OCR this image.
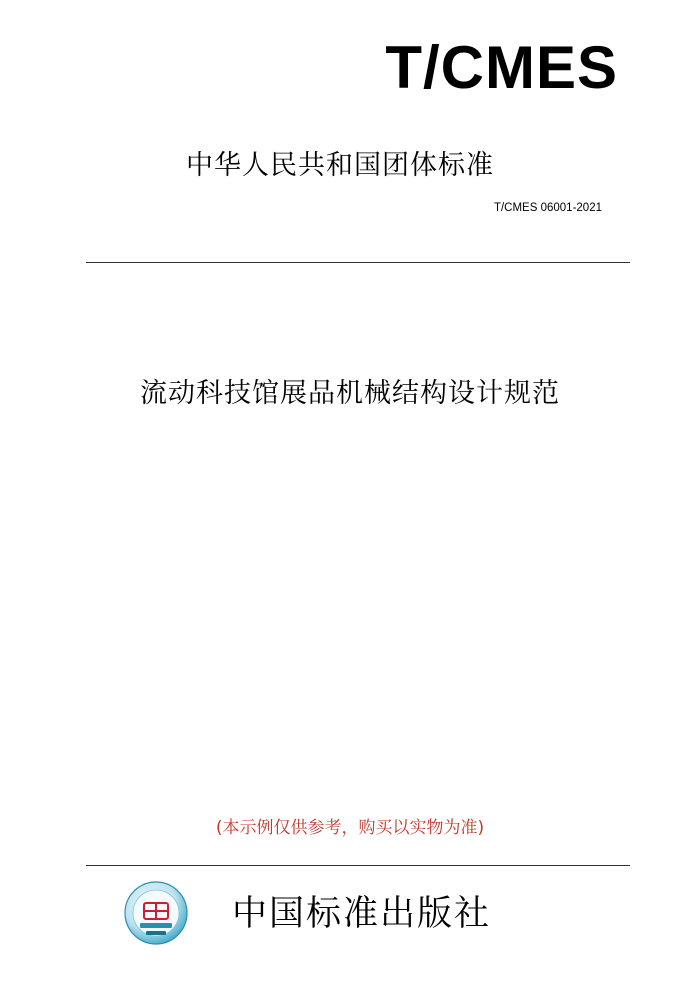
T/CMES
中华人民共和国团体标准
T/CMES 06001-2021
流动科技馆展品机械结构设计规范
(本示例仅供参考，购买以实物为准)
中国标准出版社
